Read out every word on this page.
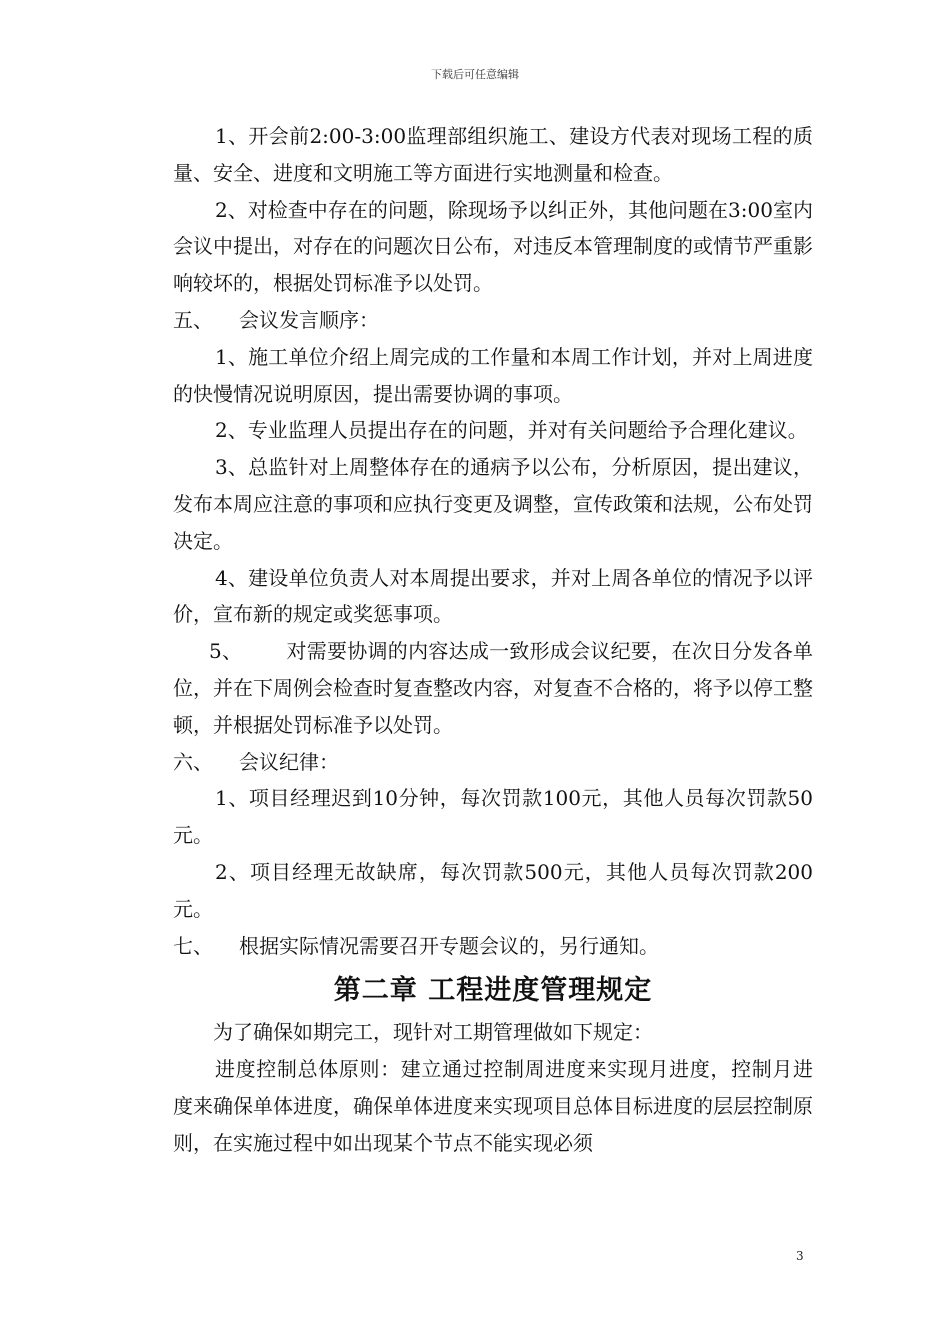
下载后可任意编辑

1、开会前2:00-3:00监理部组织施工、建设方代表对现场工程的质量、安全、进度和文明施工等方面进行实地测量和检查。

2、对检查中存在的问题，除现场予以纠正外，其他问题在3:00室内会议中提出，对存在的问题次日公布，对违反本管理制度的或情节严重影响较坏的，根据处罚标准予以处罚。

五、	会议发言顺序：

1、施工单位介绍上周完成的工作量和本周工作计划，并对上周进度的快慢情况说明原因，提出需要协调的事项。

2、专业监理人员提出存在的问题，并对有关问题给予合理化建议。

3、总监针对上周整体存在的通病予以公布，分析原因，提出建议，发布本周应注意的事项和应执行变更及调整，宣传政策和法规，公布处罚决定。

4、建设单位负责人对本周提出要求，并对上周各单位的情况予以评价，宣布新的规定或奖惩事项。

5、 对需要协调的内容达成一致形成会议纪要，在次日分发各单位，并在下周例会检查时复查整改内容，对复查不合格的，将予以停工整顿，并根据处罚标准予以处罚。

六、	会议纪律：

1、项目经理迟到10分钟，每次罚款100元，其他人员每次罚款50元。

2、项目经理无故缺席，每次罚款500元，其他人员每次罚款200元。

七、	根据实际情况需要召开专题会议的，另行通知。
第二章 工程进度管理规定

为了确保如期完工，现针对工期管理做如下规定：

进度控制总体原则：建立通过控制周进度来实现月进度，控制月进度来确保单体进度，确保单体进度来实现项目总体目标进度的层层控制原则，在实施过程中如出现某个节点不能实现必须

3
